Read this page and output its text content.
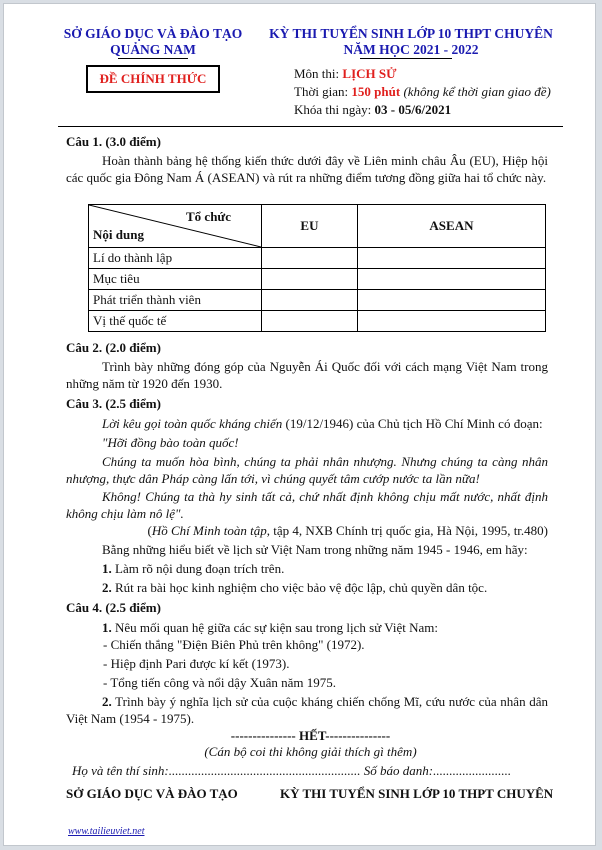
SỞ GIÁO DỤC VÀ ĐÀO TẠO
QUẢNG NAM
ĐỀ CHÍNH THỨC
KỲ THI TUYỂN SINH LỚP 10 THPT CHUYÊN
NĂM HỌC 2021 - 2022
Môn thi: LỊCH SỬ
Thời gian: 150 phút (không kể thời gian giao đề)
Khóa thi ngày: 03 - 05/6/2021
Câu 1. (3.0 điểm)
Hoàn thành bảng hệ thống kiến thức dưới đây về Liên minh châu Âu (EU), Hiệp hội các quốc gia Đông Nam Á (ASEAN) và rút ra những điểm tương đồng giữa hai tổ chức này.
Tổ chức
Nội dung	EU	ASEAN
Lí do thành lập		
Mục tiêu		
Phát triển thành viên		
Vị thế quốc tế		
Câu 2. (2.0 điểm)
Trình bày những đóng góp của Nguyễn Ái Quốc đối với cách mạng Việt Nam trong những năm từ 1920 đến 1930.
Câu 3. (2.5 điểm)
Lời kêu gọi toàn quốc kháng chiến (19/12/1946) của Chủ tịch Hồ Chí Minh có đoạn:
"Hỡi đồng bào toàn quốc!
Chúng ta muốn hòa bình, chúng ta phải nhân nhượng. Nhưng chúng ta càng nhân nhượng, thực dân Pháp càng lấn tới, vì chúng quyết tâm cướp nước ta lần nữa!
Không! Chúng ta thà hy sinh tất cả, chứ nhất định không chịu mất nước, nhất định không chịu làm nô lệ".
(Hồ Chí Minh toàn tập, tập 4, NXB Chính trị quốc gia, Hà Nội, 1995, tr.480)
Bằng những hiểu biết về lịch sử Việt Nam trong những năm 1945 - 1946, em hãy:
1. Làm rõ nội dung đoạn trích trên.
2. Rút ra bài học kinh nghiệm cho việc bảo vệ độc lập, chủ quyền dân tộc.
Câu 4. (2.5 điểm)
1. Nêu mối quan hệ giữa các sự kiện sau trong lịch sử Việt Nam:
- Chiến thắng "Điện Biên Phủ trên không" (1972).
- Hiệp định Pari được kí kết (1973).
- Tổng tiến công và nổi dậy Xuân năm 1975.
2. Trình bày ý nghĩa lịch sử của cuộc kháng chiến chống Mĩ, cứu nước của nhân dân Việt Nam (1954 - 1975).
--------------- HẾT---------------
(Cán bộ coi thi không giải thích gì thêm)
Họ và tên thí sinh:........................................................... Số báo danh:........................
SỞ GIÁO DỤC VÀ ĐÀO TẠO	KỲ THI TUYỂN SINH LỚP 10 THPT CHUYÊN
www.tailieuviet.net
